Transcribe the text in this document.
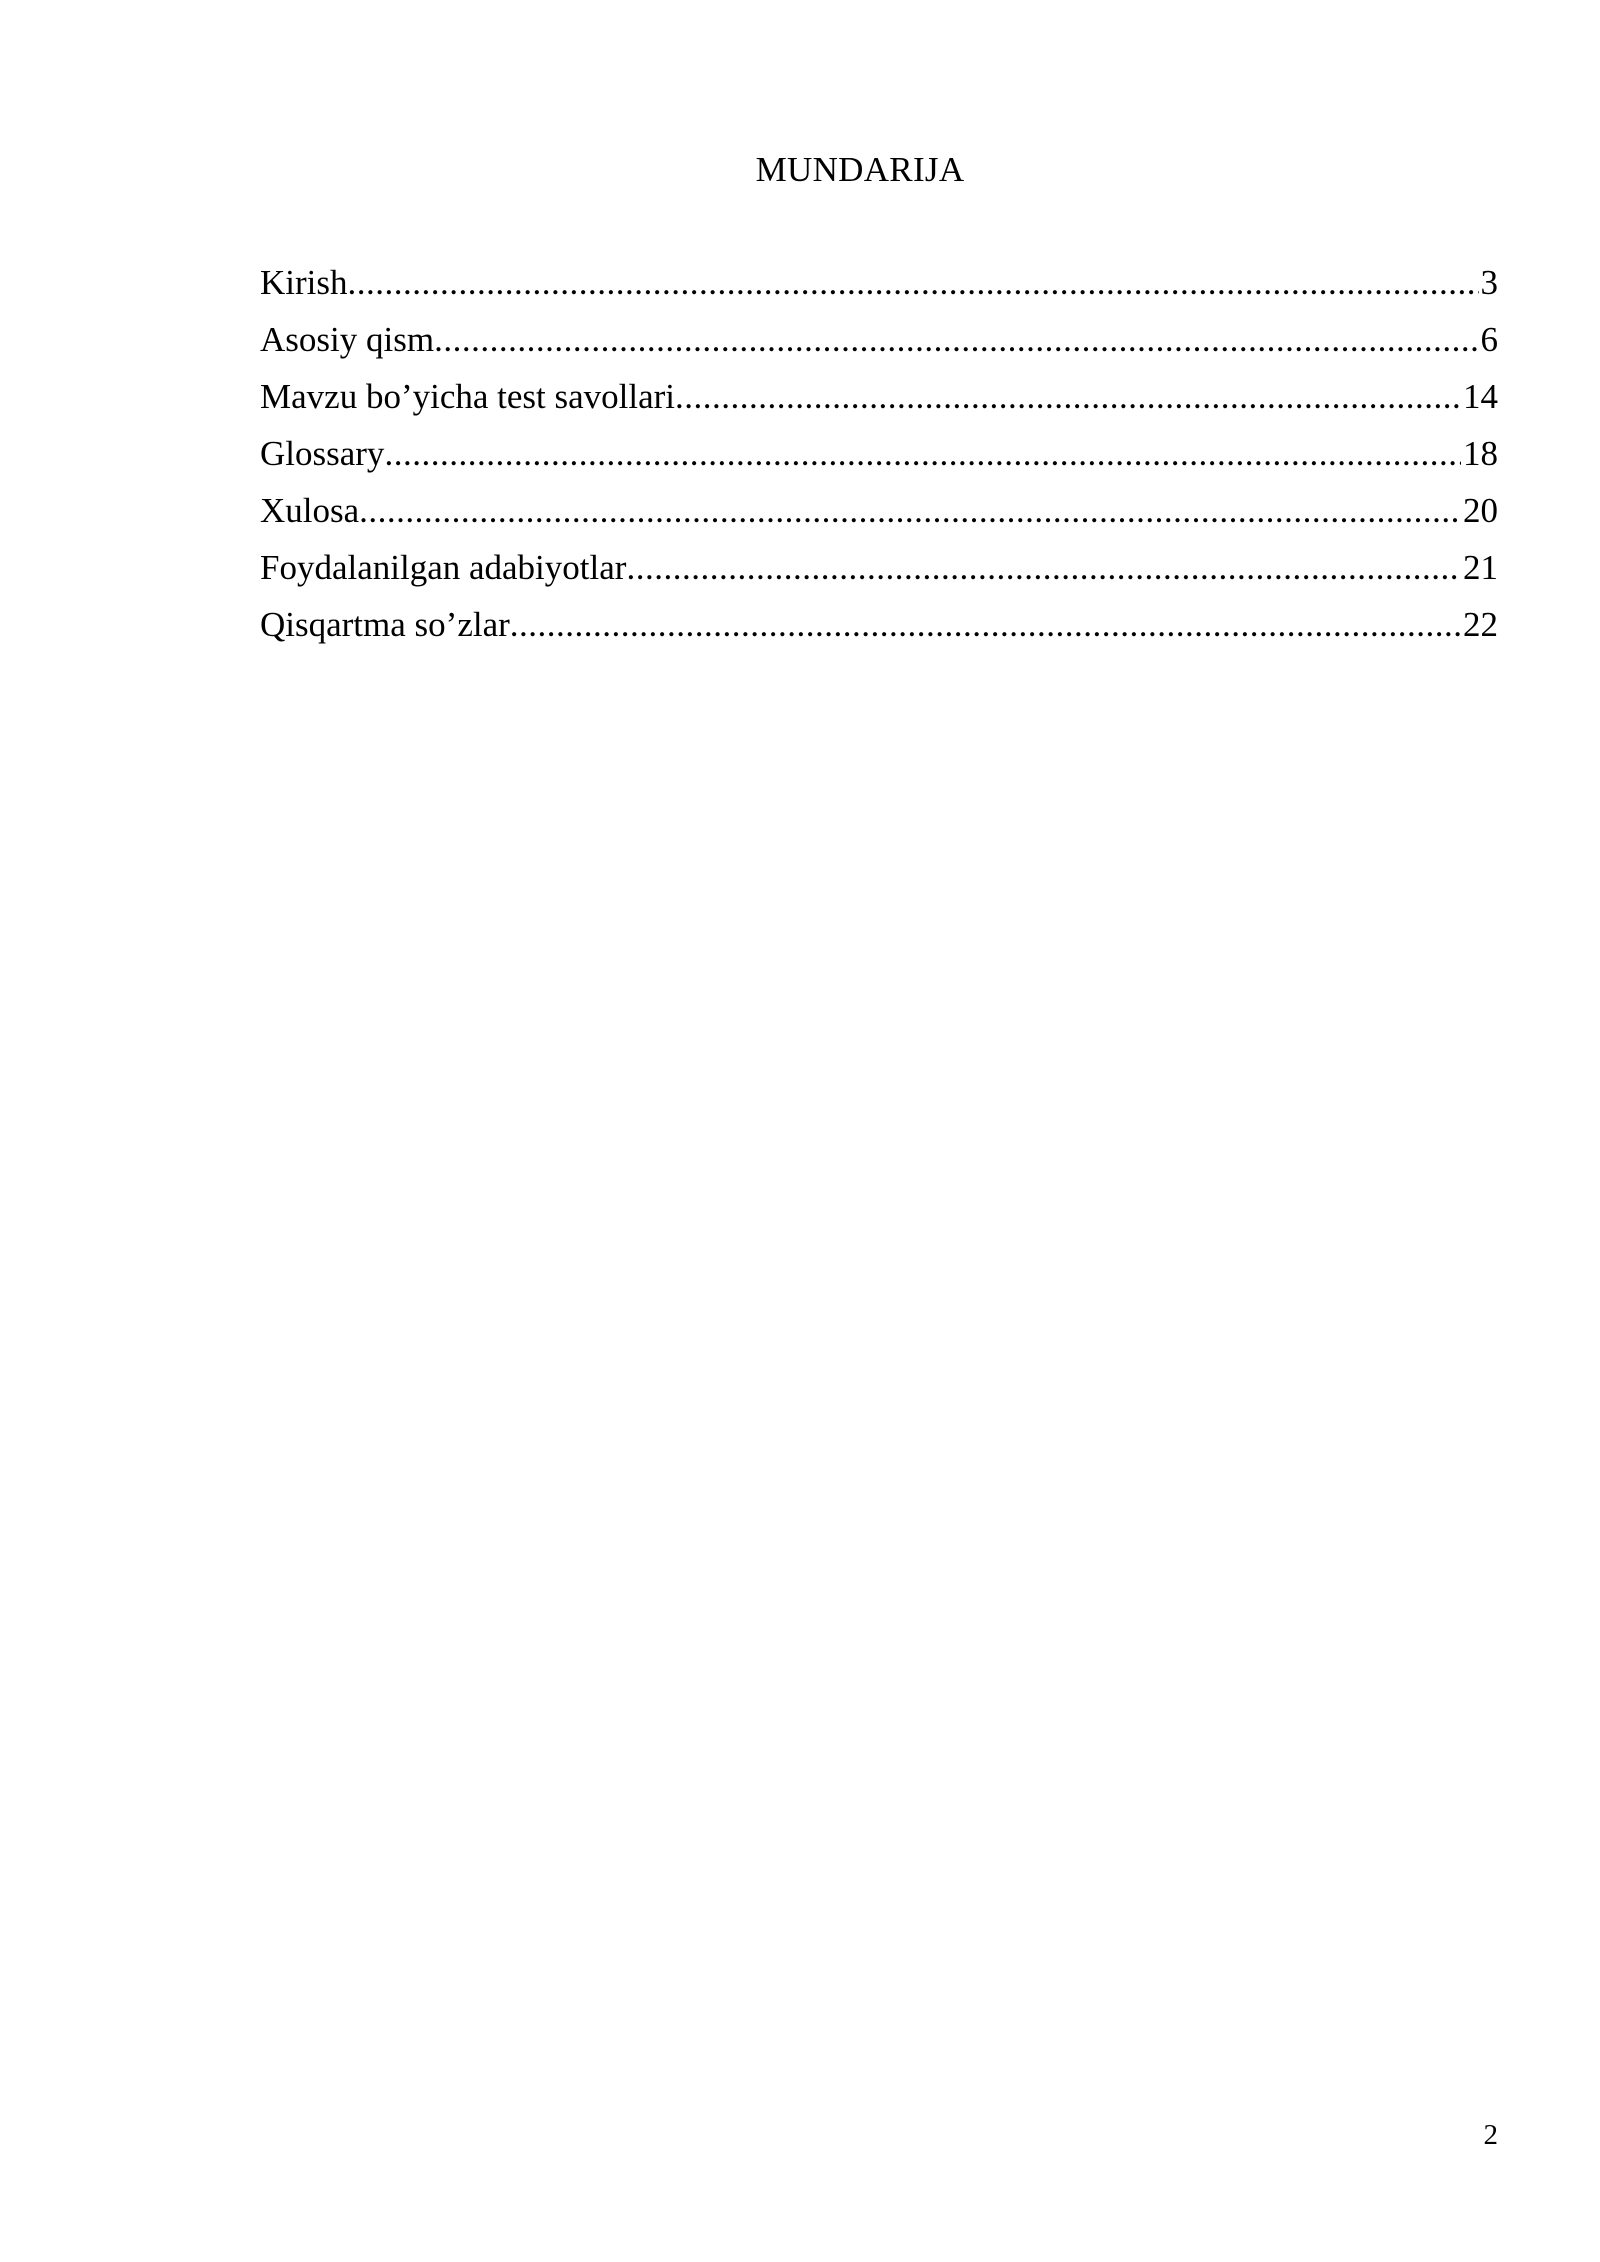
MUNDARIJA
Kirish .....	3
Asosiy qism .....	6
Mavzu bo’yicha test savollari .....	14
Glossary .....	18
Xulosa .....	20
Foydalanilgan adabiyotlar .....	21
Qisqartma so’zlar .....	22
2
